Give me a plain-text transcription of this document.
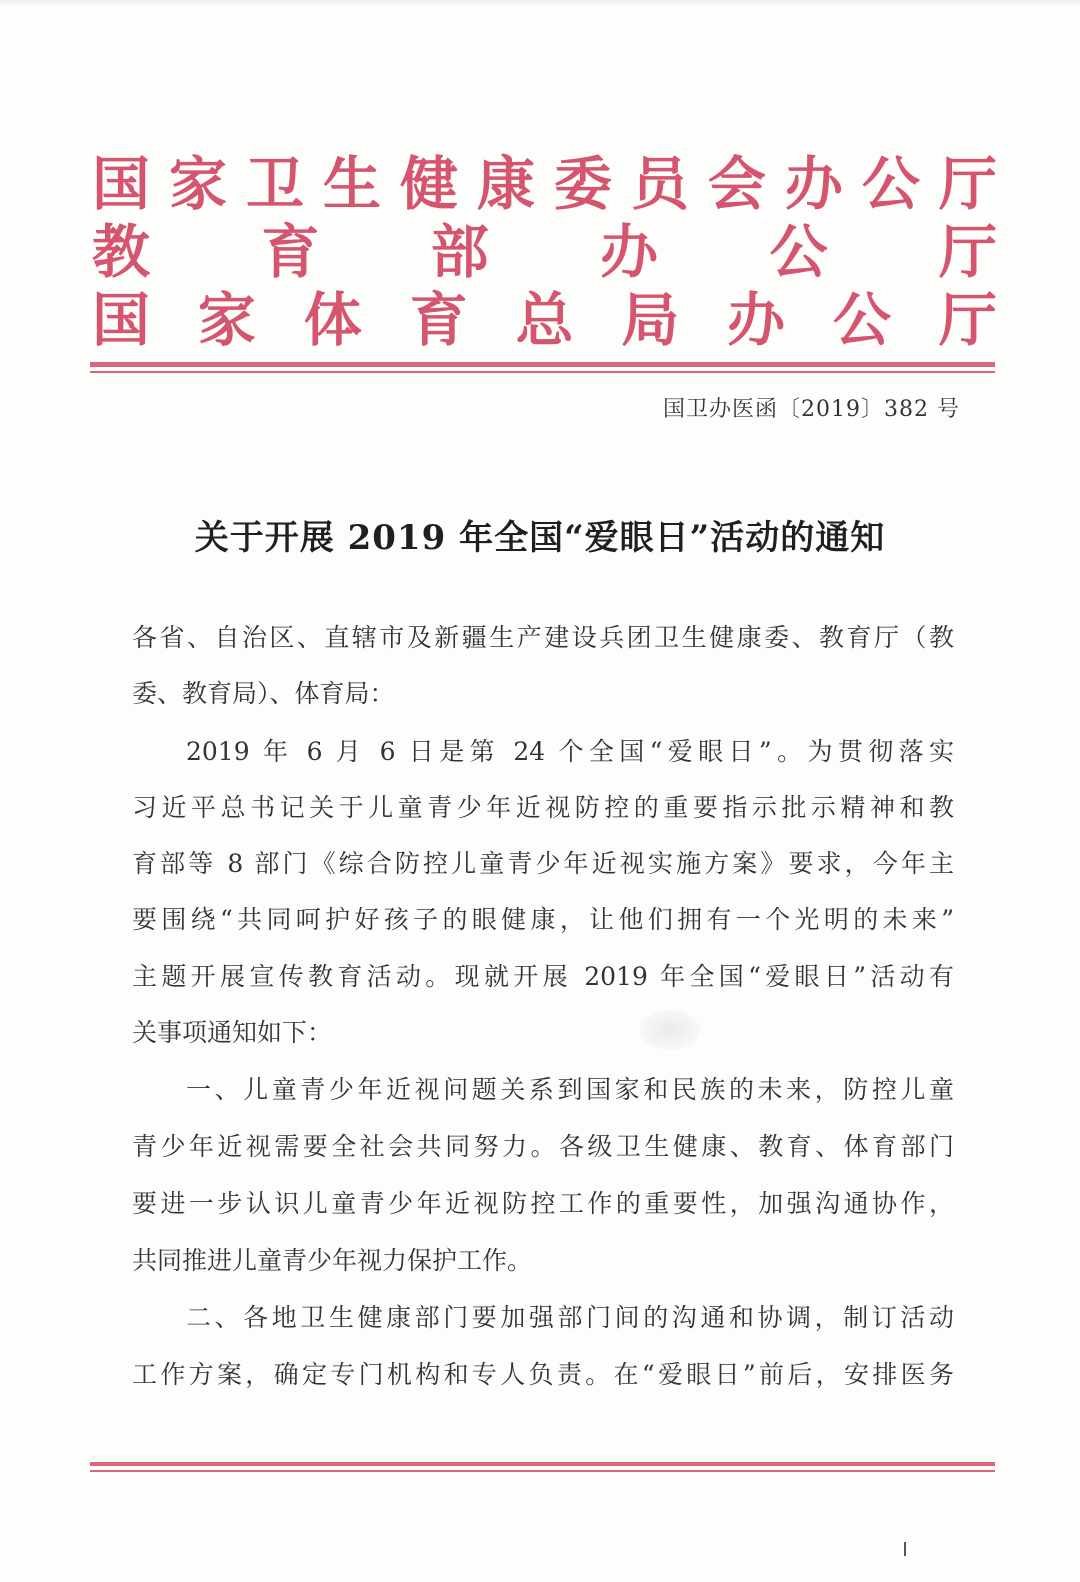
国 家 卫 生 健 康 委 员 会 办 公 厅
教 育 部 办 公 厅
国 家 体 育 总 局 办 公 厅
国卫办医函〔2019〕382 号
关于开展 2019 年全国“爱眼日”活动的通知
各省、自治区、直辖市及新疆生产建设兵团卫生健康委、教育厅（教
委、教育局）、体育局：
2019 年 6 月 6 日是第 24 个全国“爱眼日”。为贯彻落实
习近平总书记关于儿童青少年近视防控的重要指示批示精神和教
育部等 8 部门《综合防控儿童青少年近视实施方案》要求，今年主
要围绕“共同呵护好孩子的眼健康，让他们拥有一个光明的未来”
主题开展宣传教育活动。现就开展 2019 年全国“爱眼日”活动有
关事项通知如下：
一、儿童青少年近视问题关系到国家和民族的未来，防控儿童
青少年近视需要全社会共同努力。各级卫生健康、教育、体育部门
要进一步认识儿童青少年近视防控工作的重要性，加强沟通协作，
共同推进儿童青少年视力保护工作。
二、各地卫生健康部门要加强部门间的沟通和协调，制订活动
工作方案，确定专门机构和专人负责。在“爱眼日”前后，安排医务
